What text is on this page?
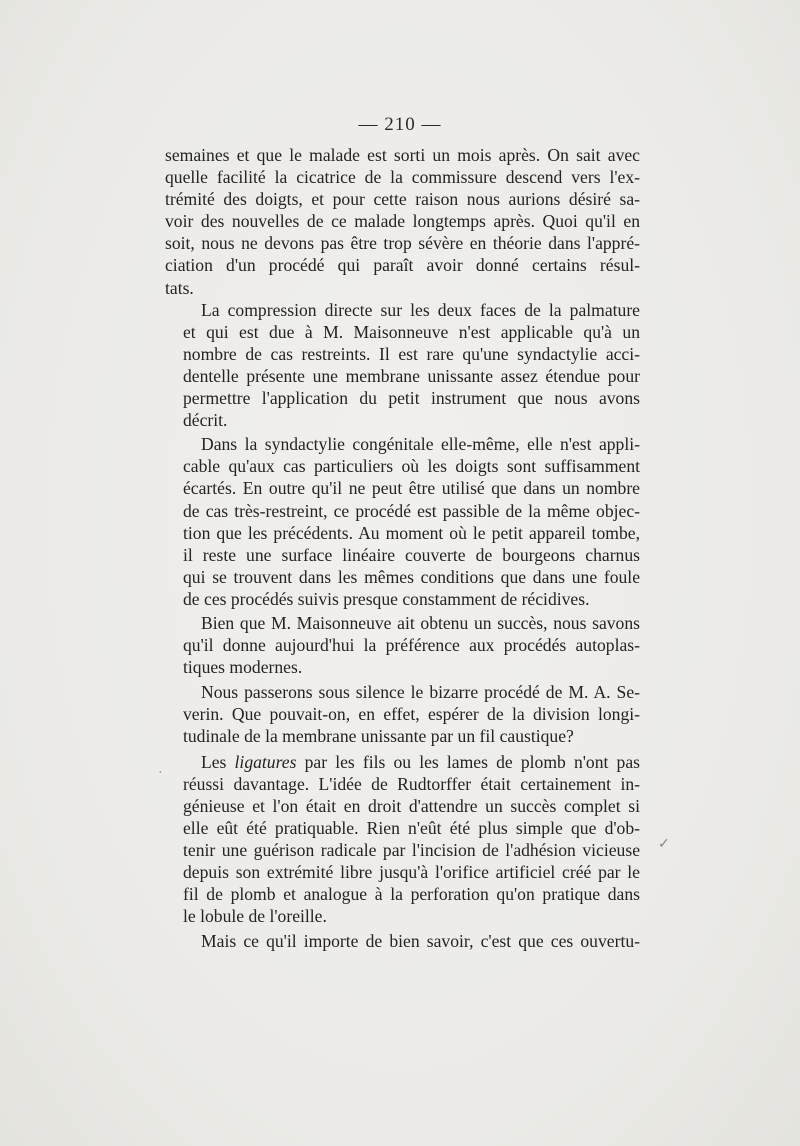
— 210 —

semaines et que le malade est sorti un mois après. On sait avec
quelle facilité la cicatrice de la commissure descend vers l'ex-
trémité des doigts, et pour cette raison nous aurions désiré sa-
voir des nouvelles de ce malade longtemps après. Quoi qu'il en
soit, nous ne devons pas être trop sévère en théorie dans l'appré-
ciation d'un procédé qui paraît avoir donné certains résul-
tats.

La compression directe sur les deux faces de la palmature
et qui est due à M. Maisonneuve n'est applicable qu'à un
nombre de cas restreints. Il est rare qu'une syndactylie acci-
dentelle présente une membrane unissante assez étendue pour
permettre l'application du petit instrument que nous avons
décrit.

Dans la syndactylie congénitale elle-même, elle n'est appli-
cable qu'aux cas particuliers où les doigts sont suffisamment
écartés. En outre qu'il ne peut être utilisé que dans un nombre
de cas très-restreint, ce procédé est passible de la même objec-
tion que les précédents. Au moment où le petit appareil tombe,
il reste une surface linéaire couverte de bourgeons charnus
qui se trouvent dans les mêmes conditions que dans une foule
de ces procédés suivis presque constamment de récidives.

Bien que M. Maisonneuve ait obtenu un succès, nous savons
qu'il donne aujourd'hui la préférence aux procédés autoplas-
tiques modernes.

Nous passerons sous silence le bizarre procédé de M. A. Se-
verin. Que pouvait-on, en effet, espérer de la division longi-
tudinale de la membrane unissante par un fil caustique?

Les ligatures par les fils ou les lames de plomb n'ont pas
réussi davantage. L'idée de Rudtorffer était certainement in-
génieuse et l'on était en droit d'attendre un succès complet si
elle eût été pratiquable. Rien n'eût été plus simple que d'ob-
tenir une guérison radicale par l'incision de l'adhésion vicieuse
depuis son extrémité libre jusqu'à l'orifice artificiel créé par le
fil de plomb et analogue à la perforation qu'on pratique dans
le lobule de l'oreille.

Mais ce qu'il importe de bien savoir, c'est que ces ouvertu-

·
✓
